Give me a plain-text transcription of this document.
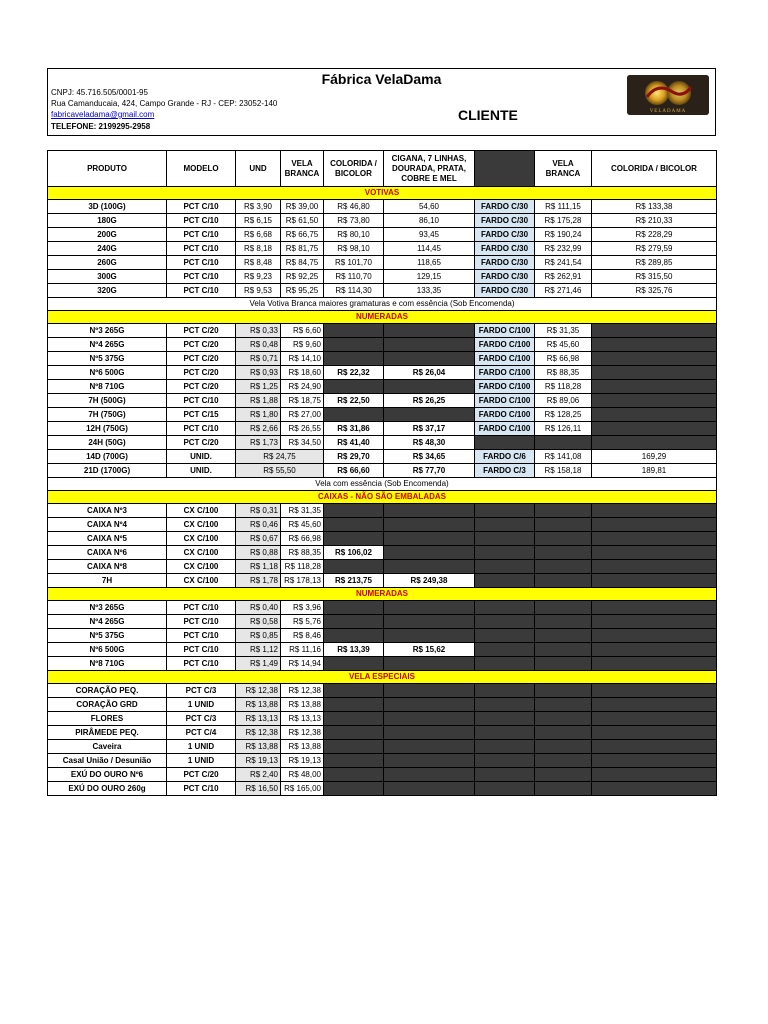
Fábrica VelaDama
CNPJ: 45.716.505/0001-95
Rua Camanducaia, 424, Campo Grande - RJ - CEP: 23052-140
fabricaveladama@gmail.com
TELEFONE: 2199295-2958
CLIENTE	VELADAMA
PRODUTO	MODELO	UND	VELA BRANCA	COLORIDA / BICOLOR	CIGANA, 7 LINHAS, DOURADA, PRATA, COBRE E MEL		VELA BRANCA	COLORIDA / BICOLOR
VOTIVAS								
3D (100G)	PCT C/10	R$ 3,90	R$ 39,00	R$ 46,80	54,60	FARDO C/30	R$ 111,15	R$ 133,38
180G	PCT C/10	R$ 6,15	R$ 61,50	R$ 73,80	86,10	FARDO C/30	R$ 175,28	R$ 210,33
200G	PCT C/10	R$ 6,68	R$ 66,75	R$ 80,10	93,45	FARDO C/30	R$ 190,24	R$ 228,29
240G	PCT C/10	R$ 8,18	R$ 81,75	R$ 98,10	114,45	FARDO C/30	R$ 232,99	R$ 279,59
260G	PCT C/10	R$ 8,48	R$ 84,75	R$ 101,70	118,65	FARDO C/30	R$ 241,54	R$ 289,85
300G	PCT C/10	R$ 9,23	R$ 92,25	R$ 110,70	129,15	FARDO C/30	R$ 262,91	R$ 315,50
320G	PCT C/10	R$ 9,53	R$ 95,25	R$ 114,30	133,35	FARDO C/30	R$ 271,46	R$ 325,76
Vela Votiva Branca maiores gramaturas e com essência (Sob Encomenda)								
NUMERADAS								
Nº3 265G	PCT C/20	R$ 0,33	R$ 6,60			FARDO C/100	R$ 31,35	
Nº4 265G	PCT C/20	R$ 0,48	R$ 9,60			FARDO C/100	R$ 45,60	
Nº5 375G	PCT C/20	R$ 0,71	R$ 14,10			FARDO C/100	R$ 66,98	
Nº6 500G	PCT C/20	R$ 0,93	R$ 18,60	R$ 22,32	R$ 26,04	FARDO C/100	R$ 88,35	
Nº8 710G	PCT C/20	R$ 1,25	R$ 24,90			FARDO C/100	R$ 118,28	
7H (500G)	PCT C/10	R$ 1,88	R$ 18,75	R$ 22,50	R$ 26,25	FARDO C/100	R$ 89,06	
7H (750G)	PCT C/15	R$ 1,80	R$ 27,00			FARDO C/100	R$ 128,25	
12H (750G)	PCT C/10	R$ 2,66	R$ 26,55	R$ 31,86	R$ 37,17	FARDO C/100	R$ 126,11	
24H (50G)	PCT C/20	R$ 1,73	R$ 34,50	R$ 41,40	R$ 48,30			
14D (700G)	UNID.	R$ 24,75		R$ 29,70	R$ 34,65	FARDO C/6	R$ 141,08	169,29
21D (1700G)	UNID.	R$ 55,50		R$ 66,60	R$ 77,70	FARDO C/3	R$ 158,18	189,81
Vela com essência (Sob Encomenda)								
CAIXAS - NÃO SÃO EMBALADAS								
CAIXA Nº3	CX C/100	R$ 0,31	R$ 31,35					
CAIXA Nº4	CX C/100	R$ 0,46	R$ 45,60					
CAIXA Nº5	CX C/100	R$ 0,67	R$ 66,98					
CAIXA Nº6	CX C/100	R$ 0,88	R$ 88,35	R$ 106,02				
CAIXA Nº8	CX C/100	R$ 1,18	R$ 118,28					
7H	CX C/100	R$ 1,78	R$ 178,13	R$ 213,75	R$ 249,38			
NUMERADAS								
Nº3 265G	PCT C/10	R$ 0,40	R$ 3,96					
Nº4 265G	PCT C/10	R$ 0,58	R$ 5,76					
Nº5 375G	PCT C/10	R$ 0,85	R$ 8,46					
Nº6 500G	PCT C/10	R$ 1,12	R$ 11,16	R$ 13,39	R$ 15,62			
Nº8 710G	PCT C/10	R$ 1,49	R$ 14,94					
VELA ESPECIAIS								
CORAÇÃO PEQ.	PCT C/3	R$ 12,38	R$ 12,38					
CORAÇÃO GRD	1 UNID	R$ 13,88	R$ 13,88					
FLORES	PCT C/3	R$ 13,13	R$ 13,13					
PIRÂMEDE PEQ.	PCT C/4	R$ 12,38	R$ 12,38					
Caveira	1 UNID	R$ 13,88	R$ 13,88					
Casal União / Desunião	1 UNID	R$ 19,13	R$ 19,13					
EXÚ DO OURO Nº6	PCT C/20	R$ 2,40	R$ 48,00					
EXÚ DO OURO 260g	PCT C/10	R$ 16,50	R$ 165,00					
